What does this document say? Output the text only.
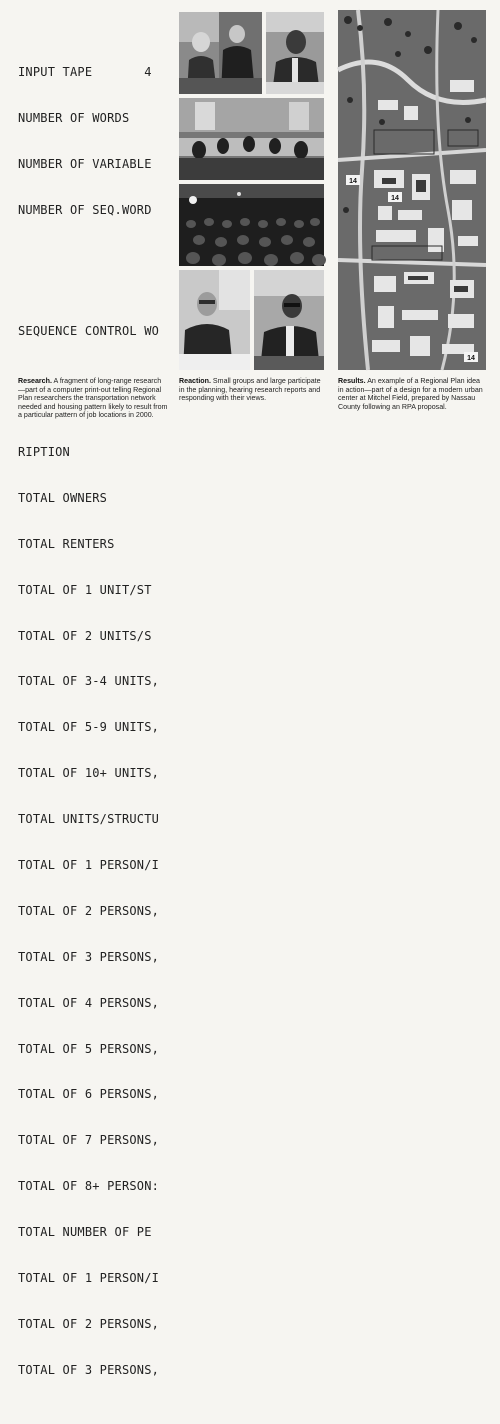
INPUT TAPE       4

NUMBER OF WORDS

NUMBER OF VARIABLE

NUMBER OF SEQ.WORD

SEQUENCE CONTROL WO

RIPTION

TOTAL OWNERS

TOTAL RENTERS

TOTAL OF 1 UNIT/ST

TOTAL OF 2 UNITS/S

TOTAL OF 3-4 UNITS,

TOTAL OF 5-9 UNITS,

TOTAL OF 10+ UNITS,

TOTAL UNITS/STRUCTU

TOTAL OF 1 PERSON/I

TOTAL OF 2 PERSONS,

TOTAL OF 3 PERSONS,

TOTAL OF 4 PERSONS,

TOTAL OF 5 PERSONS,

TOTAL OF 6 PERSONS,

TOTAL OF 7 PERSONS,

TOTAL OF 8+ PERSON:

TOTAL NUMBER OF PE

TOTAL OF 1 PERSON/I

TOTAL OF 2 PERSONS,

TOTAL OF 3 PERSONS,

14
14
14
Research. A fragment of long-range research—part of a computer print-out telling Regional Plan researchers the transportation network needed and housing pattern likely to result from a particular pattern of job locations in 2000.
Reaction. Small groups and large participate in the planning, hearing research reports and responding with their views.
Results. An example of a Regional Plan idea in action—part of a design for a modern urban center at Mitchel Field, prepared by Nassau County following an RPA proposal.
